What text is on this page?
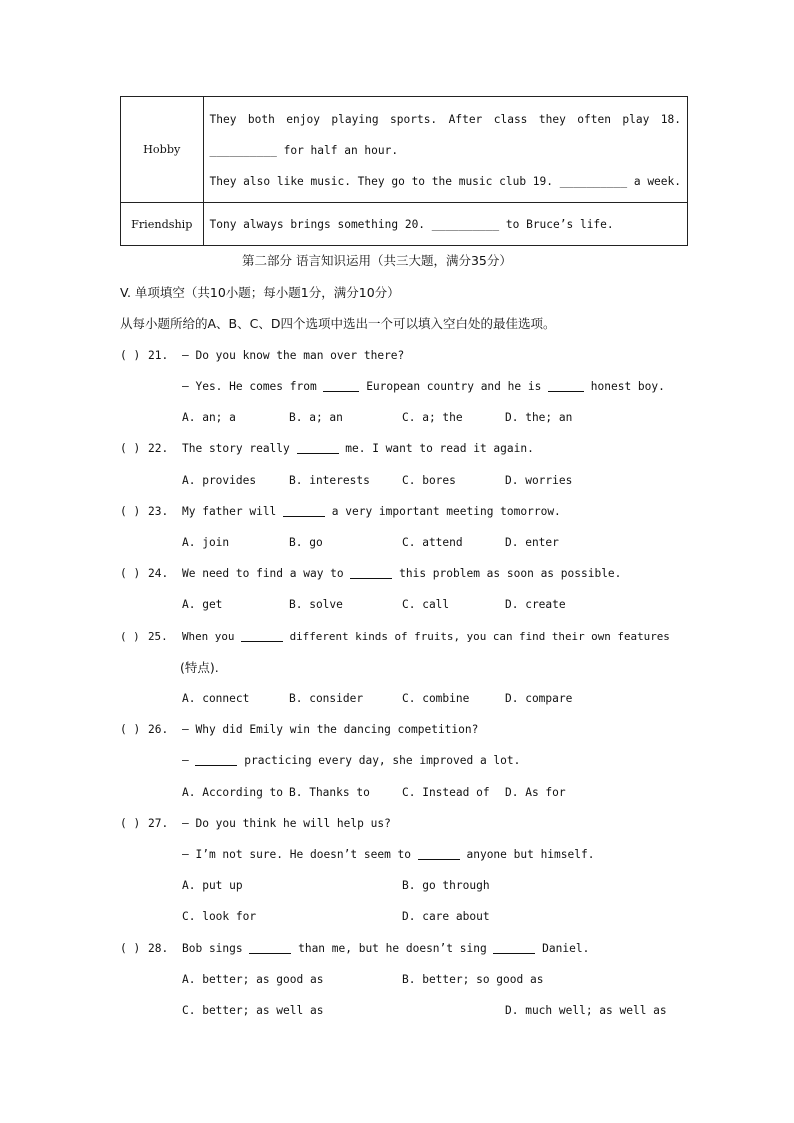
Hobby	They both enjoy playing sports. After class they often play 18.
__________ for half an hour.
They also like music. They go to the music club 19. __________ a week.

Friendship	Tony always brings something 20. __________ to Bruce’s life.
第二部分 语言知识运用（共三大题，满分35分）
V. 单项填空（共10小题；每小题1分，满分10分）
从每小题所给的A、B、C、D四个选项中选出一个可以填入空白处的最佳选项。
( ) 21. — Do you know the man over there?
— Yes. He comes from	European country and he is	honest boy.
A. an; a	B. a; an	C. a; the	D. the; an
( ) 22. The story really	me. I want to read it again.
A. provides	B. interests	C. bores	D. worries
( ) 23. My father will	a very important meeting tomorrow.
A. join	B. go	C. attend	D. enter
( ) 24. We need to find a way to	this problem as soon as possible.
A. get	B. solve	C. call	D. create
( ) 25. When you	different kinds of fruits, you can find their own features
(特点).
A. connect	B. consider	C. combine	D. compare
( ) 26. — Why did Emily win the dancing competition?
—	practicing every day, she improved a lot.
A. According to B. Thanks to	C. Instead of D. As for
( ) 27. — Do you think he will help us?
— I’m not sure. He doesn’t seem to	anyone but himself.
A. put up	B. go through
C. look for	D. care about
( ) 28. Bob sings	than me, but he doesn’t sing	Daniel.
A. better; as good as	B. better; so good as
C. better; as well as	D. much well; as well as
